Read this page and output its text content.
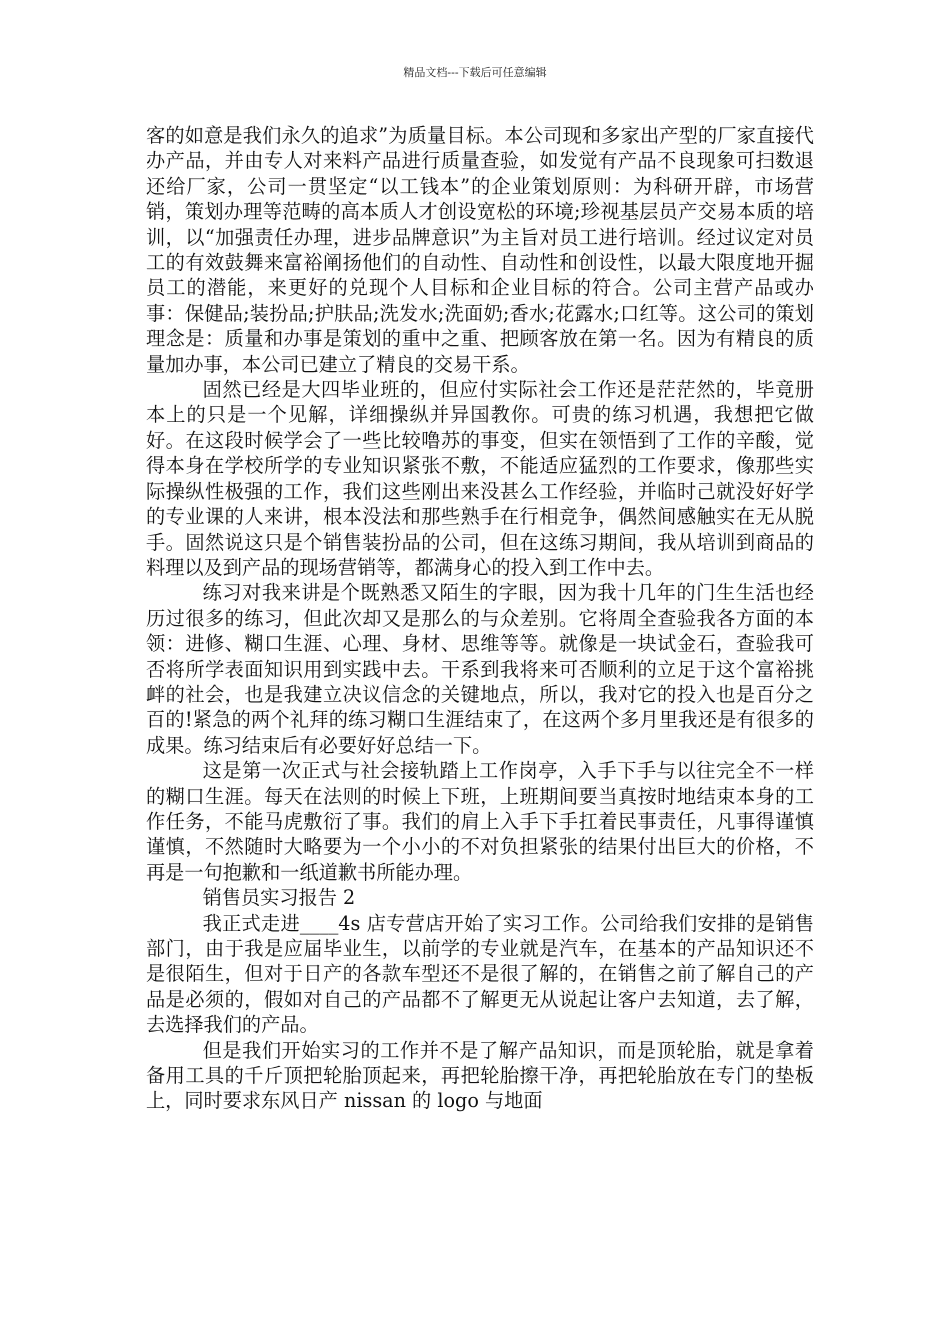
精品文档---下载后可任意编辑

客的如意是我们永久的追求”为质量目标。本公司现和多家出产型的厂家直接代办产品，并由专人对来料产品进行质量查验，如发觉有产品不良现象可扫数退还给厂家，公司一贯坚定“以工钱本”的企业策划原则：为科研开辟，市场营销，策划办理等范畴的高本质人才创设宽松的环境;珍视基层员产交易本质的培训，以“加强责任办理，进步品牌意识”为主旨对员工进行培训。经过议定对员工的有效鼓舞来富裕阐扬他们的自动性、自动性和创设性，以最大限度地开掘员工的潜能，来更好的兑现个人目标和企业目标的符合。公司主营产品或办事：保健品;装扮品;护肤品;洗发水;洗面奶;香水;花露水;口红等。这公司的策划理念是：质量和办事是策划的重中之重、把顾客放在第一名。因为有精良的质量加办事，本公司已建立了精良的交易干系。

固然已经是大四毕业班的，但应付实际社会工作还是茫茫然的，毕竟册本上的只是一个见解，详细操纵并异国教你。可贵的练习机遇，我想把它做好。在这段时候学会了一些比较噜苏的事变，但实在领悟到了工作的辛酸，觉得本身在学校所学的专业知识紧张不敷，不能适应猛烈的工作要求，像那些实际操纵性极强的工作，我们这些刚出来没甚么工作经验，并临时己就没好好学的专业课的人来讲，根本没法和那些熟手在行相竞争，偶然间感触实在无从脱手。固然说这只是个销售装扮品的公司，但在这练习期间，我从培训到商品的料理以及到产品的现场营销等，都满身心的投入到工作中去。

练习对我来讲是个既熟悉又陌生的字眼，因为我十几年的门生生活也经历过很多的练习，但此次却又是那么的与众差别。它将周全查验我各方面的本领：进修、糊口生涯、心理、身材、思维等等。就像是一块试金石，查验我可否将所学表面知识用到实践中去。干系到我将来可否顺利的立足于这个富裕挑衅的社会，也是我建立决议信念的关键地点，所以，我对它的投入也是百分之百的!紧急的两个礼拜的练习糊口生涯结束了，在这两个多月里我还是有很多的成果。练习结束后有必要好好总结一下。

这是第一次正式与社会接轨踏上工作岗亭，入手下手与以往完全不一样的糊口生涯。每天在法则的时候上下班，上班期间要当真按时地结束本身的工作任务，不能马虎敷衍了事。我们的肩上入手下手扛着民事责任，凡事得谨慎谨慎，不然随时大略要为一个小小的不对负担紧张的结果付出巨大的价格，不再是一句抱歉和一纸道歉书所能办理。

销售员实习报告 2

我正式走进____4s 店专营店开始了实习工作。公司给我们安排的是销售部门，由于我是应届毕业生，以前学的专业就是汽车，在基本的产品知识还不是很陌生，但对于日产的各款车型还不是很了解的，在销售之前了解自己的产品是必须的，假如对自己的产品都不了解更无从说起让客户去知道，去了解，去选择我们的产品。

但是我们开始实习的工作并不是了解产品知识，而是顶轮胎，就是拿着备用工具的千斤顶把轮胎顶起来，再把轮胎擦干净，再把轮胎放在专门的垫板上，同时要求东风日产 nissan 的 logo 与地面
